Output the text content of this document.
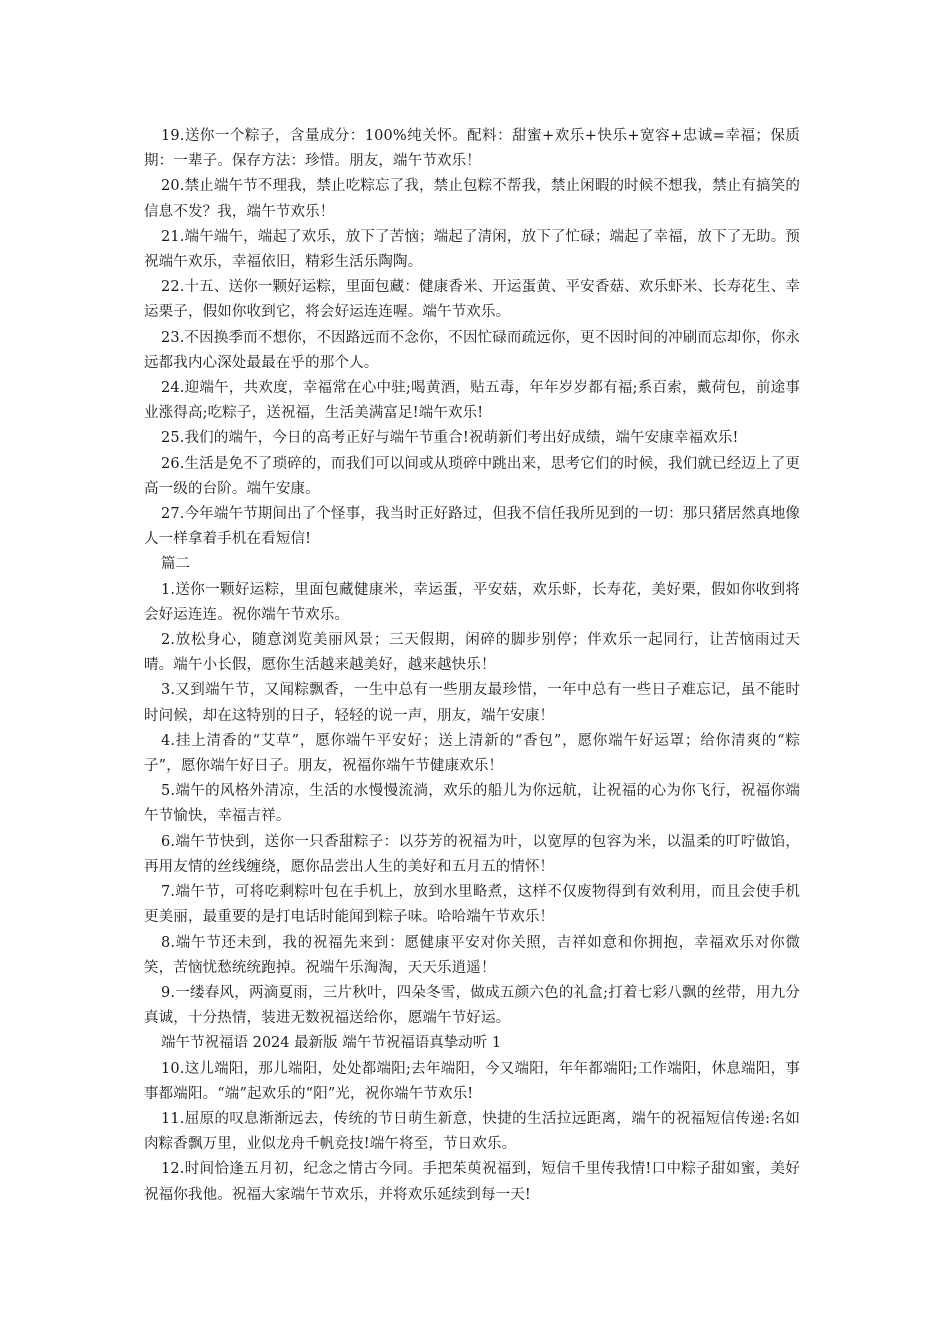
19.送你一个粽子，含量成分：100%纯关怀。配料：甜蜜+欢乐+快乐+宽容+忠诚=幸福；保质期：一辈子。保存方法：珍惜。朋友，端午节欢乐！

20.禁止端午节不理我，禁止吃粽忘了我，禁止包粽不帮我，禁止闲暇的时候不想我，禁止有搞笑的信息不发？我，端午节欢乐！

21.端午端午，端起了欢乐，放下了苦恼；端起了清闲，放下了忙碌；端起了幸福，放下了无助。预祝端午欢乐，幸福依旧，精彩生活乐陶陶。

22.十五、送你一颗好运粽，里面包藏：健康香米、开运蛋黄、平安香菇、欢乐虾米、长寿花生、幸运栗子，假如你收到它，将会好运连连喔。端午节欢乐。

23.不因换季而不想你，不因路远而不念你，不因忙碌而疏远你，更不因时间的冲刷而忘却你，你永远都我内心深处最最在乎的那个人。

24.迎端午，共欢度，幸福常在心中驻;喝黄酒，贴五毒，年年岁岁都有福;系百索，戴荷包，前途事业涨得高;吃粽子，送祝福，生活美满富足!端午欢乐!

25.我们的端午，今日的高考正好与端午节重合!祝萌新们考出好成绩，端午安康幸福欢乐!

26.生活是免不了琐碎的，而我们可以间或从琐碎中跳出来，思考它们的时候，我们就已经迈上了更高一级的台阶。端午安康。

27.今年端午节期间出了个怪事，我当时正好路过，但我不信任我所见到的一切：那只猪居然真地像人一样拿着手机在看短信!

篇二

1.送你一颗好运粽，里面包藏健康米，幸运蛋，平安菇，欢乐虾，长寿花，美好栗，假如你收到将会好运连连。祝你端午节欢乐。

2.放松身心，随意浏览美丽风景；三天假期，闲碎的脚步别停；伴欢乐一起同行，让苦恼雨过天晴。端午小长假，愿你生活越来越美好，越来越快乐！

3.又到端午节，又闻粽飘香，一生中总有一些朋友最珍惜，一年中总有一些日子难忘记，虽不能时时问候，却在这特别的日子，轻轻的说一声，朋友，端午安康！

4.挂上清香的“艾草”，愿你端午平安好；送上清新的“香包”，愿你端午好运罩；给你清爽的“粽子”，愿你端午好日子。朋友，祝福你端午节健康欢乐！

5.端午的风格外清凉，生活的水慢慢流淌，欢乐的船儿为你远航，让祝福的心为你飞行，祝福你端午节愉快，幸福吉祥。

6.端午节快到，送你一只香甜粽子：以芬芳的祝福为叶，以宽厚的包容为米，以温柔的叮咛做馅，再用友情的丝线缠绕，愿你品尝出人生的美好和五月五的情怀！

7.端午节，可将吃剩粽叶包在手机上，放到水里略煮，这样不仅废物得到有效利用，而且会使手机更美丽，最重要的是打电话时能闻到粽子味。哈哈端午节欢乐！

8.端午节还未到，我的祝福先来到：愿健康平安对你关照，吉祥如意和你拥抱，幸福欢乐对你微笑，苦恼忧愁统统跑掉。祝端午乐淘淘，天天乐逍遥！

9.一缕春风，两滴夏雨，三片秋叶，四朵冬雪，做成五颜六色的礼盒;打着七彩八飘的丝带，用九分真诚，十分热情，装进无数祝福送给你，愿端午节好运。

端午节祝福语 2024 最新版 端午节祝福语真挚动听 1

10.这儿端阳，那儿端阳，处处都端阳;去年端阳，今又端阳，年年都端阳;工作端阳，休息端阳，事事都端阳。“端”起欢乐的“阳”光，祝你端午节欢乐!

11.屈原的叹息渐渐远去，传统的节日萌生新意，快捷的生活拉远距离，端午的祝福短信传递:名如肉粽香飘万里，业似龙舟千帆竞技!端午将至，节日欢乐。

12.时间恰逢五月初，纪念之情古今同。手把茱萸祝福到，短信千里传我情!口中粽子甜如蜜，美好祝福你我他。祝福大家端午节欢乐，并将欢乐延续到每一天!
